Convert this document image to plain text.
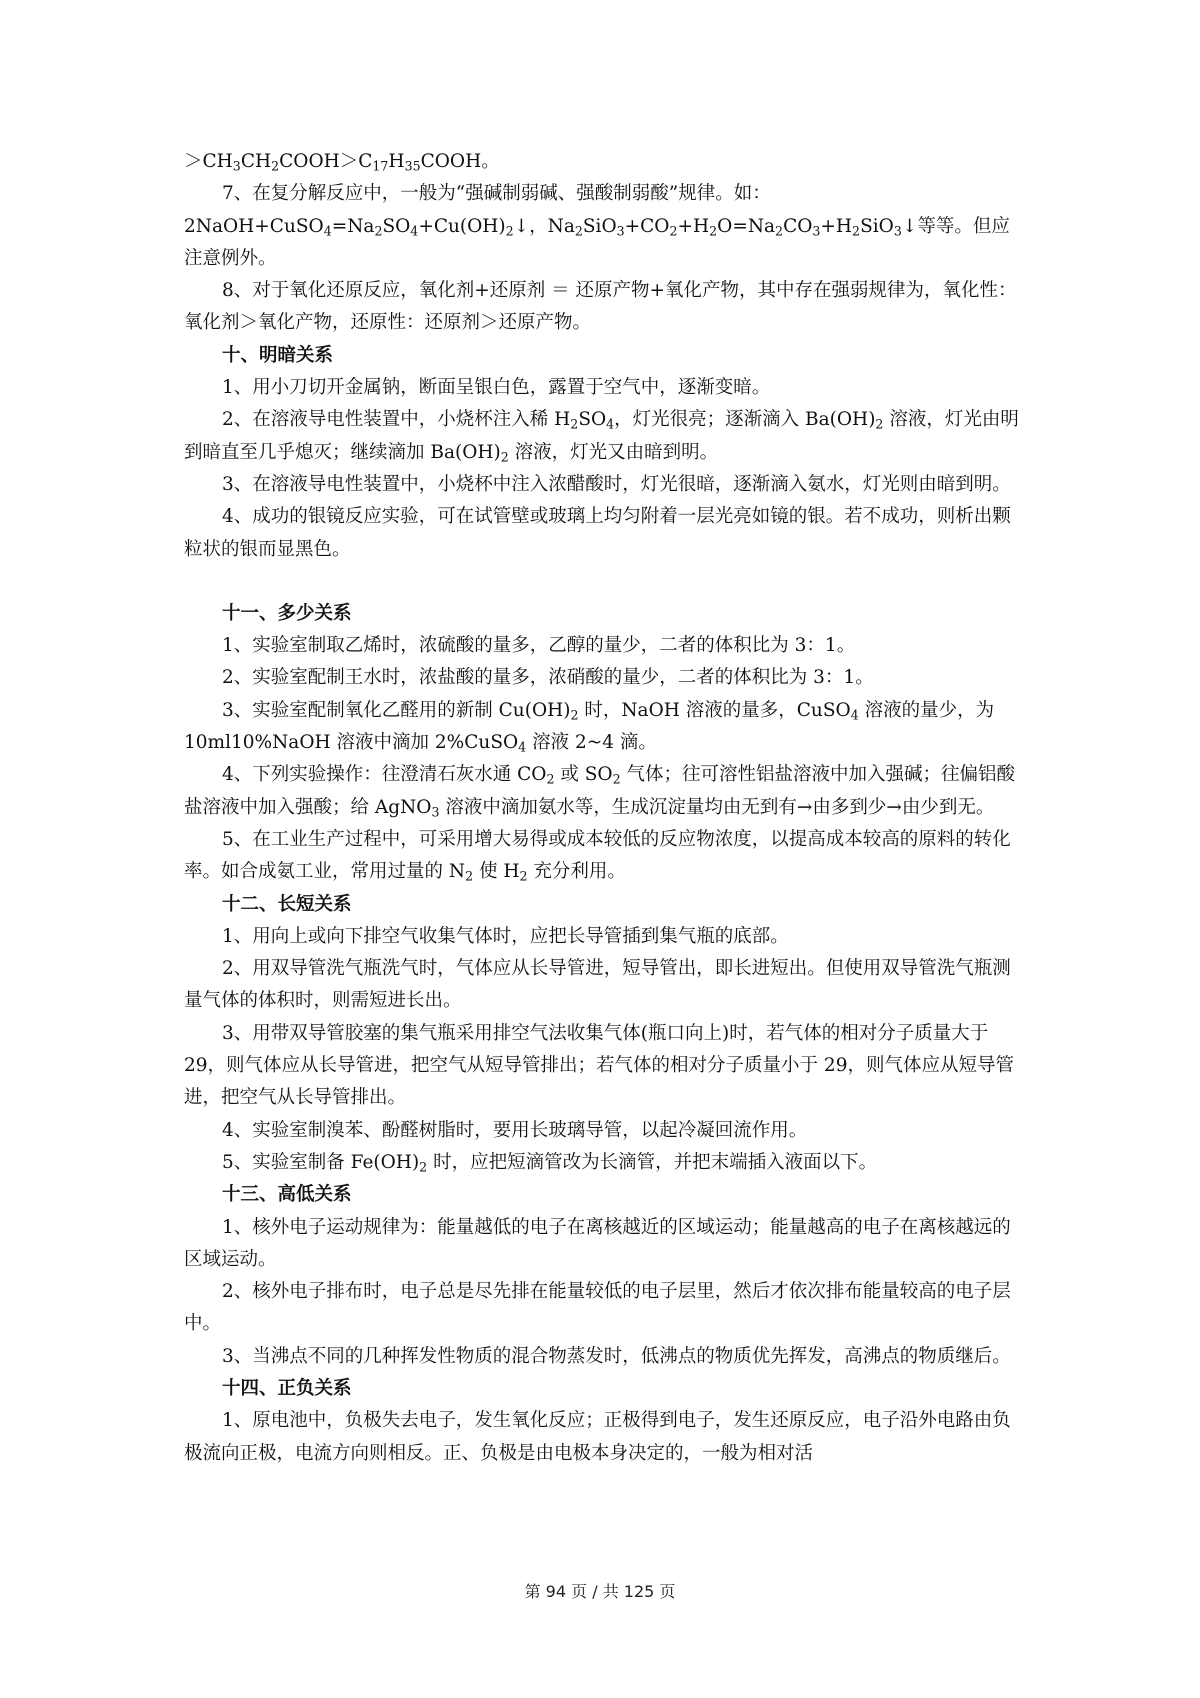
$>CH_3CH_2COOH>C_{17}H_{35}COOH$。

7、在复分解反应中，一般为“强碱制弱碱、强酸制弱酸”规律。如：$2NaOH+CuSO_4=Na_2SO_4+Cu(OH)_2↓$，$Na_2SiO_3+CO_2+H_2O=Na_2CO_3+H_2SiO_3↓$等等。但应注意例外。

8、对于氧化还原反应，氧化剂+还原剂 ＝ 还原产物+氧化产物，其中存在强弱规律为，氧化性：氧化剂＞氧化产物，还原性：还原剂＞还原产物。

十、明暗关系

1、用小刀切开金属钠，断面呈银白色，露置于空气中，逐渐变暗。

2、在溶液导电性装置中，小烧杯注入稀 $H_2SO_4$，灯光很亮；逐渐滴入 $Ba(OH)_2$ 溶液，灯光由明到暗直至几乎熄灭；继续滴加 $Ba(OH)_2$ 溶液，灯光又由暗到明。

3、在溶液导电性装置中，小烧杯中注入浓醋酸时，灯光很暗，逐渐滴入氨水，灯光则由暗到明。

4、成功的银镜反应实验，可在试管壁或玻璃上均匀附着一层光亮如镜的银。若不成功，则析出颗粒状的银而显黑色。

十一、多少关系

1、实验室制取乙烯时，浓硫酸的量多，乙醇的量少，二者的体积比为 3：1。

2、实验室配制王水时，浓盐酸的量多，浓硝酸的量少，二者的体积比为 3：1。

3、实验室配制氧化乙醛用的新制 $Cu(OH)_2$ 时，NaOH 溶液的量多，CuSO$_4$ 溶液的量少，为 10ml10%NaOH 溶液中滴加 2%CuSO$_4$ 溶液 2~4 滴。

4、下列实验操作：往澄清石灰水通 $CO_2$ 或 $SO_2$ 气体；往可溶性铝盐溶液中加入强碱；往偏铝酸盐溶液中加入强酸；给 AgNO$_3$ 溶液中滴加氨水等，生成沉淀量均由无到有→由多到少→由少到无。

5、在工业生产过程中，可采用增大易得或成本较低的反应物浓度，以提高成本较高的原料的转化率。如合成氨工业，常用过量的 $N_2$ 使 $H_2$ 充分利用。

十二、长短关系

1、用向上或向下排空气收集气体时，应把长导管插到集气瓶的底部。

2、用双导管洗气瓶洗气时，气体应从长导管进，短导管出，即长进短出。但使用双导管洗气瓶测量气体的体积时，则需短进长出。

3、用带双导管胶塞的集气瓶采用排空气法收集气体(瓶口向上)时，若气体的相对分子质量大于 29，则气体应从长导管进，把空气从短导管排出；若气体的相对分子质量小于 29，则气体应从短导管进，把空气从长导管排出。

4、实验室制溴苯、酚醛树脂时，要用长玻璃导管，以起冷凝回流作用。

5、实验室制备 $Fe(OH)_2$ 时，应把短滴管改为长滴管，并把末端插入液面以下。

十三、高低关系

1、核外电子运动规律为：能量越低的电子在离核越近的区域运动；能量越高的电子在离核越远的区域运动。

2、核外电子排布时，电子总是尽先排在能量较低的电子层里，然后才依次排布能量较高的电子层中。

3、当沸点不同的几种挥发性物质的混合物蒸发时，低沸点的物质优先挥发，高沸点的物质继后。

十四、正负关系

1、原电池中，负极失去电子，发生氧化反应；正极得到电子，发生还原反应，电子沿外电路由负极流向正极，电流方向则相反。正、负极是由电极本身决定的，一般为相对活

第 94 页 / 共 125 页
